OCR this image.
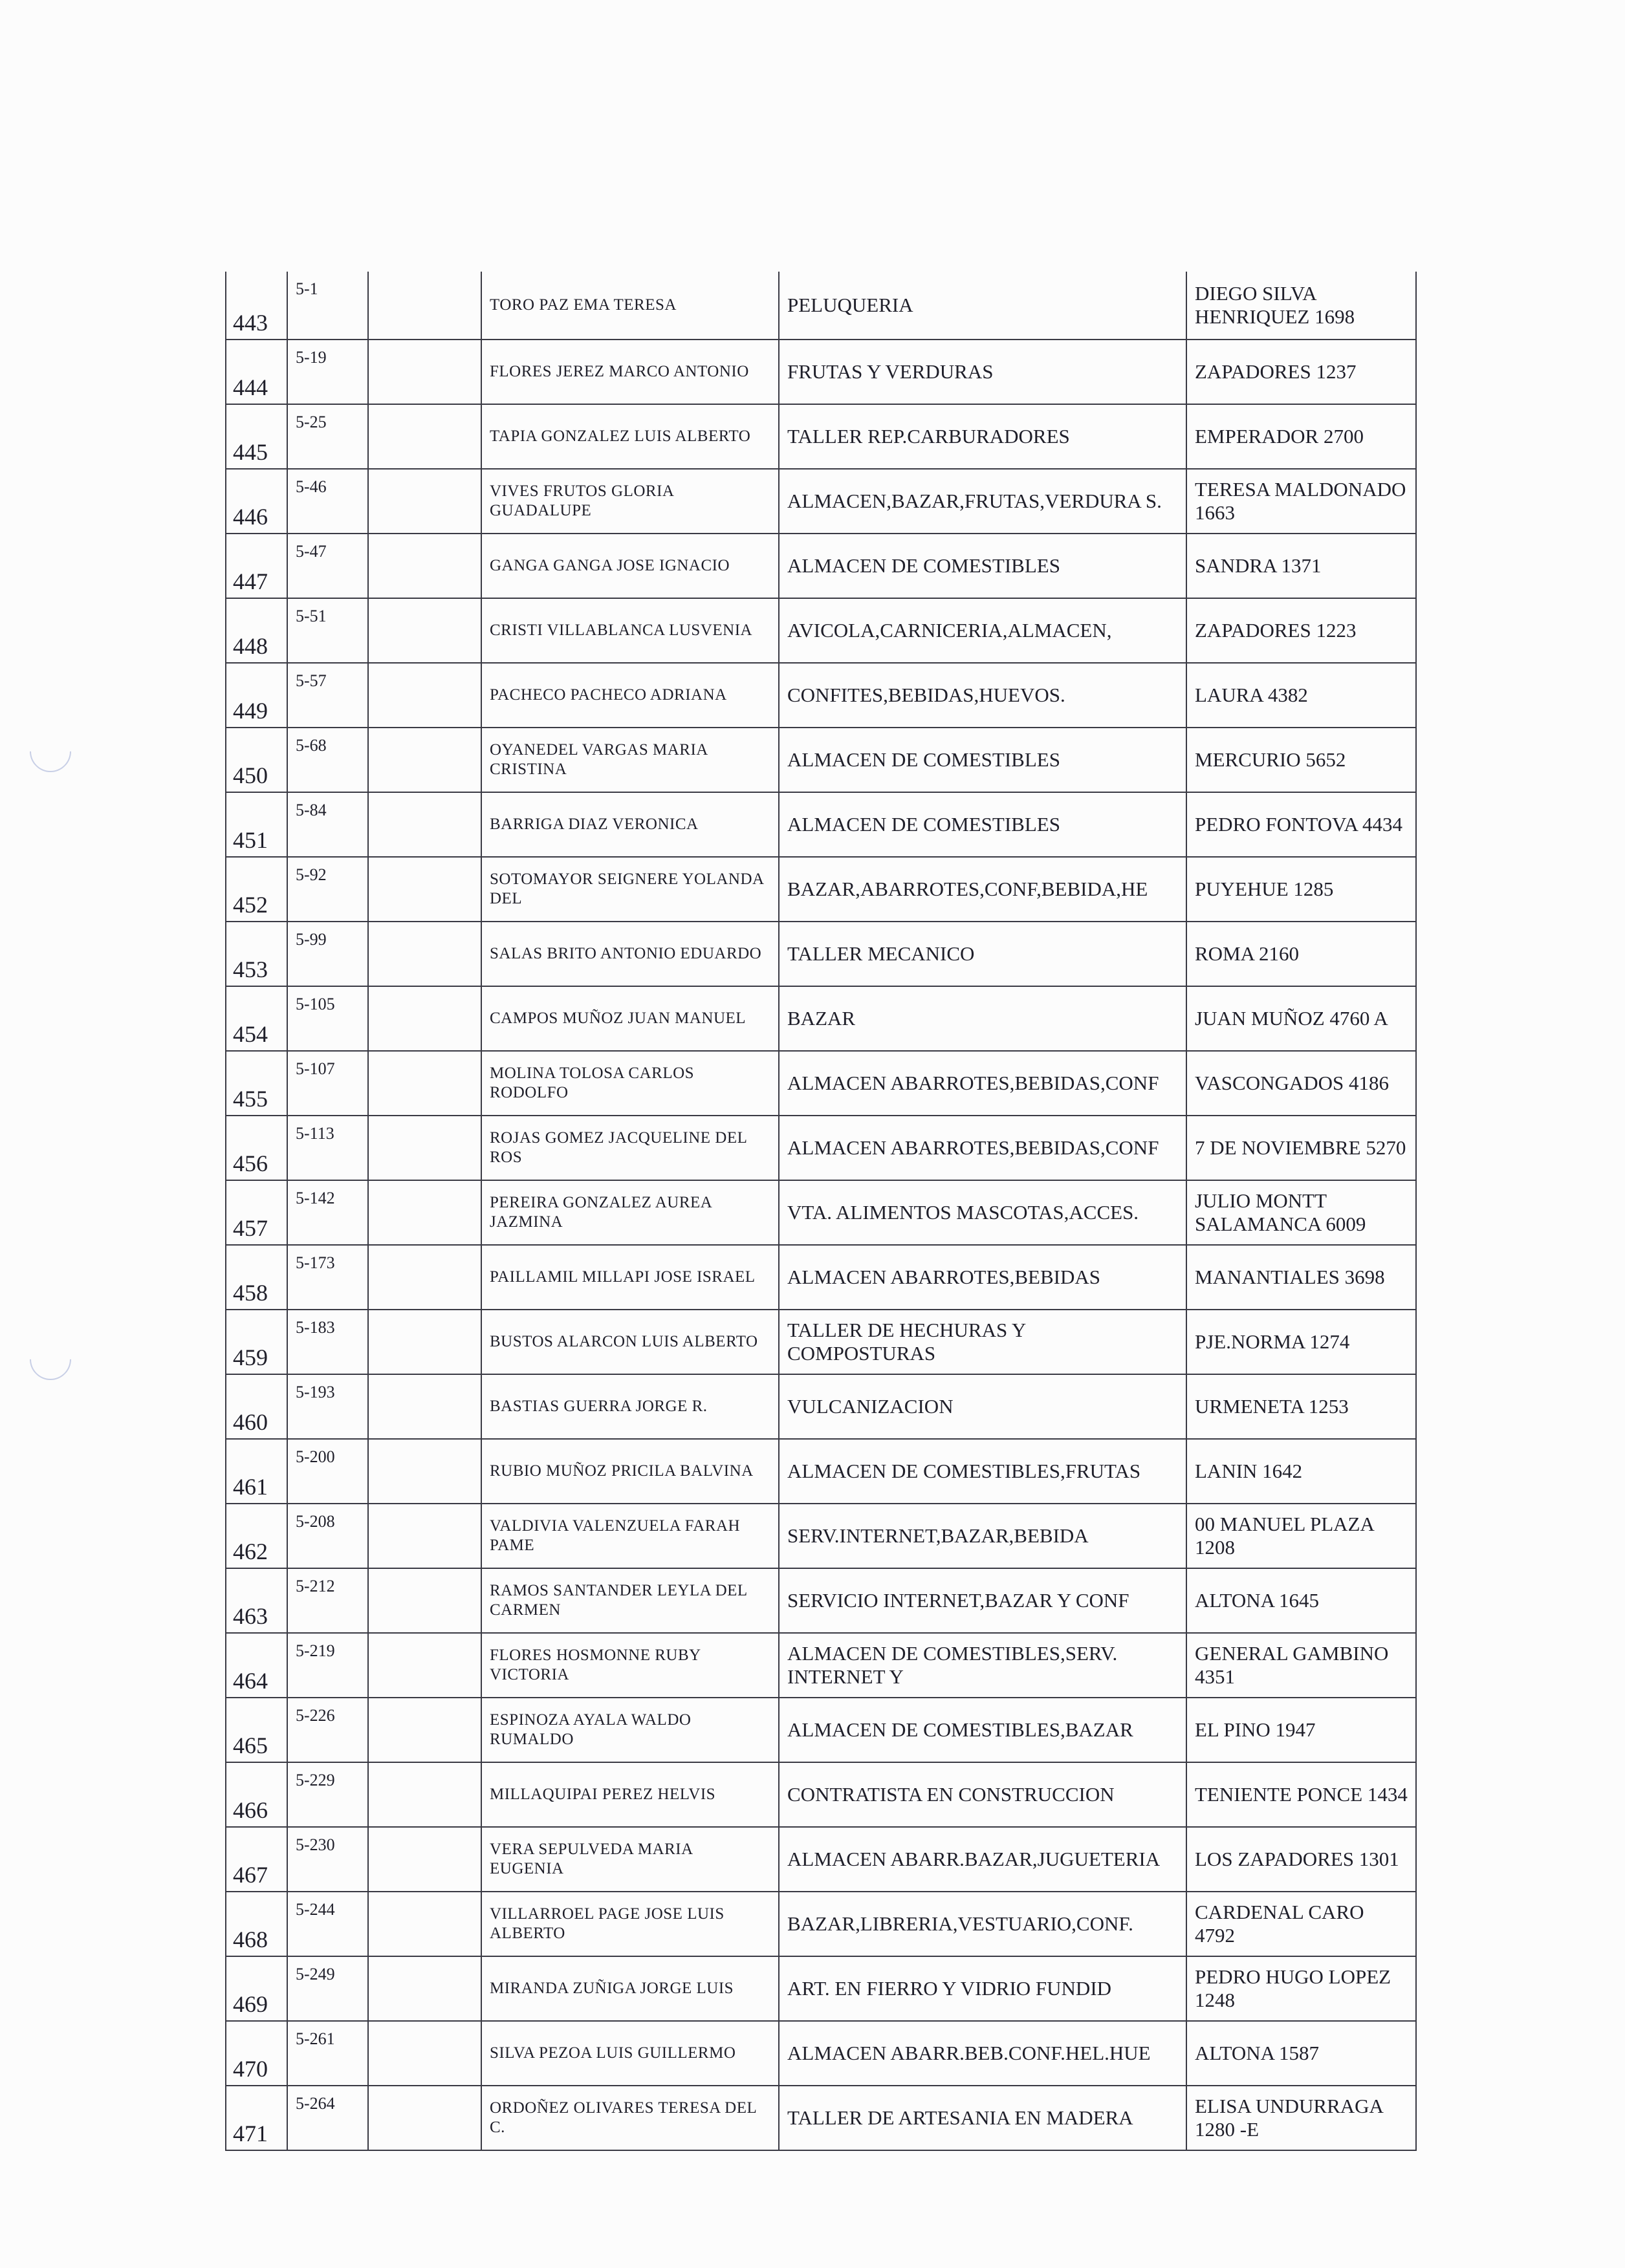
443	5-1		TORO PAZ EMA TERESA	PELUQUERIA	DIEGO SILVA HENRIQUEZ 1698
444	5-19		FLORES JEREZ MARCO ANTONIO	FRUTAS Y VERDURAS	ZAPADORES 1237
445	5-25		TAPIA GONZALEZ LUIS ALBERTO	TALLER REP.CARBURADORES	EMPERADOR 2700
446	5-46		VIVES FRUTOS GLORIA GUADALUPE	ALMACEN,BAZAR,FRUTAS,VERDURA S.	TERESA MALDONADO 1663
447	5-47		GANGA GANGA JOSE IGNACIO	ALMACEN DE COMESTIBLES	SANDRA 1371
448	5-51		CRISTI VILLABLANCA LUSVENIA	AVICOLA,CARNICERIA,ALMACEN,	ZAPADORES 1223
449	5-57		PACHECO PACHECO ADRIANA	CONFITES,BEBIDAS,HUEVOS.	LAURA 4382
450	5-68		OYANEDEL VARGAS MARIA CRISTINA	ALMACEN DE COMESTIBLES	MERCURIO 5652
451	5-84		BARRIGA DIAZ VERONICA	ALMACEN DE COMESTIBLES	PEDRO FONTOVA 4434
452	5-92		SOTOMAYOR SEIGNERE YOLANDA DEL	BAZAR,ABARROTES,CONF,BEBIDA,HE	PUYEHUE 1285
453	5-99		SALAS BRITO ANTONIO EDUARDO	TALLER MECANICO	ROMA 2160
454	5-105		CAMPOS MUÑOZ JUAN MANUEL	BAZAR	JUAN MUÑOZ 4760 A
455	5-107		MOLINA TOLOSA CARLOS RODOLFO	ALMACEN ABARROTES,BEBIDAS,CONF	VASCONGADOS 4186
456	5-113		ROJAS GOMEZ JACQUELINE DEL ROS	ALMACEN ABARROTES,BEBIDAS,CONF	7 DE NOVIEMBRE 5270
457	5-142		PEREIRA GONZALEZ AUREA JAZMINA	VTA. ALIMENTOS MASCOTAS,ACCES.	JULIO MONTT SALAMANCA 6009
458	5-173		PAILLAMIL MILLAPI JOSE ISRAEL	ALMACEN ABARROTES,BEBIDAS	MANANTIALES 3698
459	5-183		BUSTOS ALARCON LUIS ALBERTO	TALLER DE HECHURAS Y COMPOSTURAS	PJE.NORMA 1274
460	5-193		BASTIAS GUERRA JORGE R.	VULCANIZACION	URMENETA 1253
461	5-200		RUBIO MUÑOZ PRICILA BALVINA	ALMACEN DE COMESTIBLES,FRUTAS	LANIN 1642
462	5-208		VALDIVIA VALENZUELA FARAH PAME	SERV.INTERNET,BAZAR,BEBIDA	00 MANUEL PLAZA 1208
463	5-212		RAMOS SANTANDER LEYLA DEL CARMEN	SERVICIO INTERNET,BAZAR Y CONF	ALTONA 1645
464	5-219		FLORES HOSMONNE RUBY VICTORIA	ALMACEN DE COMESTIBLES,SERV. INTERNET Y	GENERAL GAMBINO 4351
465	5-226		ESPINOZA AYALA WALDO RUMALDO	ALMACEN DE COMESTIBLES,BAZAR	EL PINO 1947
466	5-229		MILLAQUIPAI PEREZ HELVIS	CONTRATISTA EN CONSTRUCCION	TENIENTE PONCE 1434
467	5-230		VERA SEPULVEDA MARIA EUGENIA	ALMACEN ABARR.BAZAR,JUGUETERIA	LOS ZAPADORES 1301
468	5-244		VILLARROEL PAGE JOSE LUIS ALBERTO	BAZAR,LIBRERIA,VESTUARIO,CONF.	CARDENAL CARO 4792
469	5-249		MIRANDA ZUÑIGA JORGE LUIS	ART. EN FIERRO Y VIDRIO FUNDID	PEDRO HUGO LOPEZ 1248
470	5-261		SILVA PEZOA LUIS GUILLERMO	ALMACEN ABARR.BEB.CONF.HEL.HUE	ALTONA 1587
471	5-264		ORDOÑEZ OLIVARES TERESA DEL C.	TALLER DE ARTESANIA EN MADERA	ELISA UNDURRAGA 1280 -E
